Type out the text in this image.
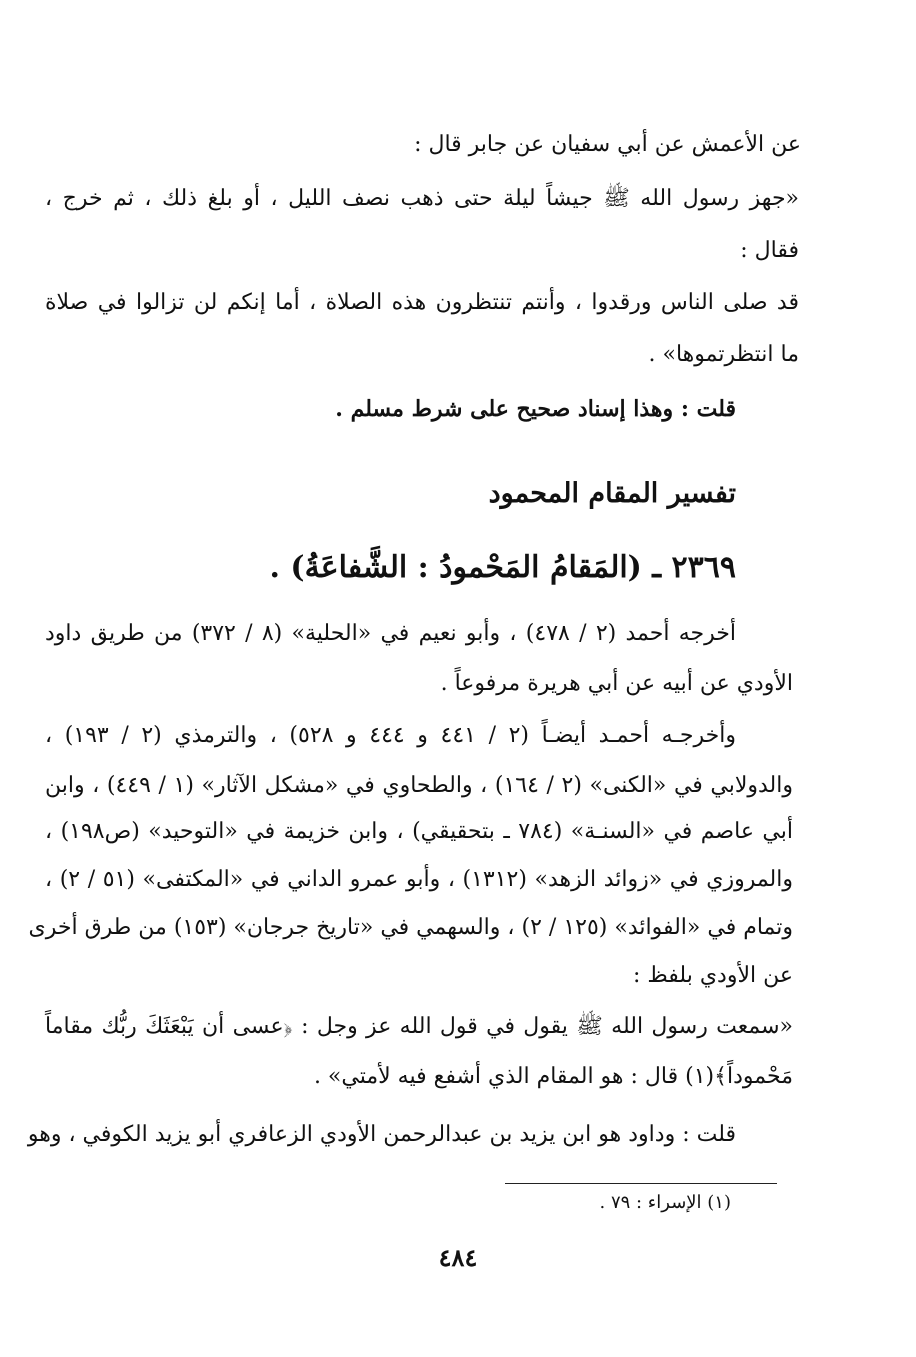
عن الأعمش عن أبي سفيان عن جابر قال :
«جهز رسول الله ﷺ جيشاً ليلة حتى ذهب نصف الليل ، أو بلغ ذلك ، ثم خرج ،
فقال :
قد صلى الناس ورقدوا ، وأنتم تنتظرون هذه الصلاة ، أما إنكم لن تزالوا في صلاة
ما انتظرتموها» .
قلت : وهذا إسناد صحيح على شرط مسلم .
تفسير المقام المحمود
٢٣٦٩ ـ (المَقامُ المَحْمودُ : الشَّفاعَةُ) .
أخرجه أحمد (٢ / ٤٧٨) ، وأبو نعيم في «الحلية» (٨ / ٣٧٢) من طريق داود
الأودي عن أبيه عن أبي هريرة مرفوعاً .
وأخرجـه أحمـد أيضـاً (٢ / ٤٤١ و ٤٤٤ و ٥٢٨) ، والترمذي (٢ / ١٩٣) ،
والدولابي في «الكنى» (٢ / ١٦٤) ، والطحاوي في «مشكل الآثار» (١ / ٤٤٩) ، وابن
أبي عاصم في «السنـة» (٧٨٤ ـ بتحقيقي) ، وابن خزيمة في «التوحيد» (ص١٩٨) ،
والمروزي في «زوائد الزهد» (١٣١٢) ، وأبو عمرو الداني في «المكتفى» (٥١ / ٢) ،
وتمام في «الفوائد» (١٢٥ / ٢) ، والسهمي في «تاريخ جرجان» (١٥٣) من طرق أخرى
عن الأودي بلفظ :
«سمعت رسول الله ﷺ يقول في قول الله عز وجل : ﴿عسى أن يَبْعَثَكَ ربُّك مقاماً
مَحْموداً﴾(١) قال : هو المقام الذي أشفع فيه لأمتي» .
قلت : وداود هو ابن يزيد بن عبدالرحمن الأودي الزعافري أبو يزيد الكوفي ، وهو
(١) الإسراء : ٧٩ .
٤٨٤
